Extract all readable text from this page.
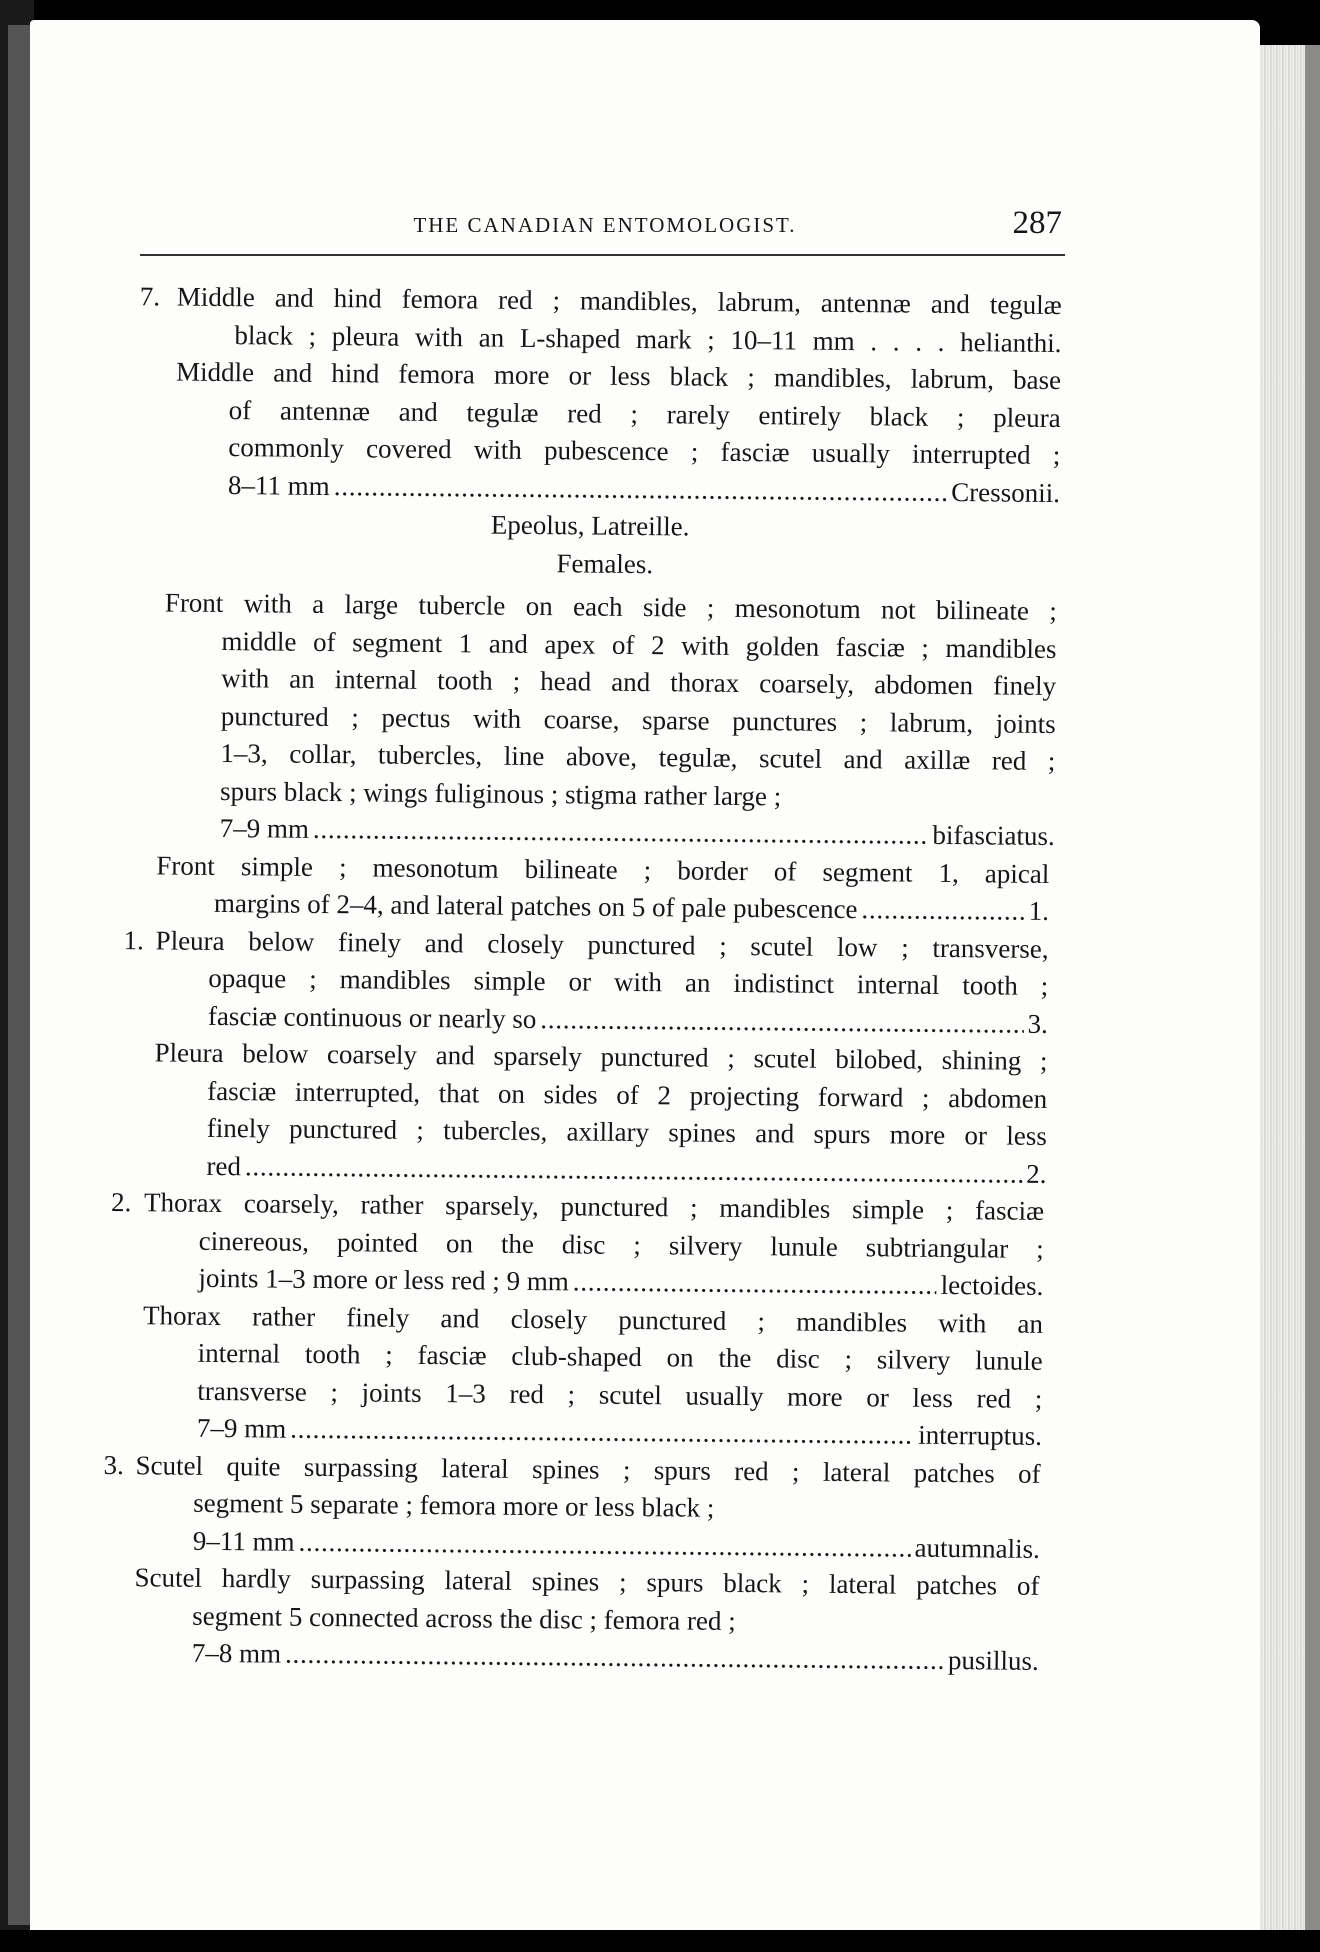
THE CANADIAN ENTOMOLOGIST.	287
7. Middle and hind femora red ; mandibles, labrum, antennæ and tegulæ
black ; pleura with an L-shaped mark ; 10–11 mm . . . . helianthi.
Middle and hind femora more or less black ; mandibles, labrum, base
of antennæ and tegulæ red ; rarely entirely black ; pleura
commonly covered with pubescence ; fasciæ usually interrupted ;
8–11 mm . . .	Cressonii.
Epeolus, Latreille.
Females.
Front with a large tubercle on each side ; mesonotum not bilineate ;
middle of segment 1 and apex of 2 with golden fasciæ ; mandibles
with an internal tooth ; head and thorax coarsely, abdomen finely
punctured ; pectus with coarse, sparse punctures ; labrum, joints
1–3, collar, tubercles, line above, tegulæ, scutel and axillæ red ;
spurs black ; wings fuliginous ; stigma rather large ;
7–9 mm . . .	bifasciatus.
Front simple ; mesonotum bilineate ; border of segment 1, apical
margins of 2–4, and lateral patches on 5 of pale pubescence . . .	1.
1. Pleura below finely and closely punctured ; scutel low ; transverse,
opaque ; mandibles simple or with an indistinct internal tooth ;
fasciæ continuous or nearly so . . .	3.
Pleura below coarsely and sparsely punctured ; scutel bilobed, shining ;
fasciæ interrupted, that on sides of 2 projecting forward ; abdomen
finely punctured ; tubercles, axillary spines and spurs more or less
red . . .	2.
2. Thorax coarsely, rather sparsely, punctured ; mandibles simple ; fasciæ
cinereous, pointed on the disc ; silvery lunule subtriangular ;
joints 1–3 more or less red ; 9 mm . . .	lectoides.
Thorax rather finely and closely punctured ; mandibles with an
internal tooth ; fasciæ club-shaped on the disc ; silvery lunule
transverse ; joints 1–3 red ; scutel usually more or less red ;
7–9 mm . . .	interruptus.
3. Scutel quite surpassing lateral spines ; spurs red ; lateral patches of
segment 5 separate ; femora more or less black ;
9–11 mm . . .	autumnalis.
Scutel hardly surpassing lateral spines ; spurs black ; lateral patches of
segment 5 connected across the disc ; femora red ;
7–8 mm . . .	pusillus.
